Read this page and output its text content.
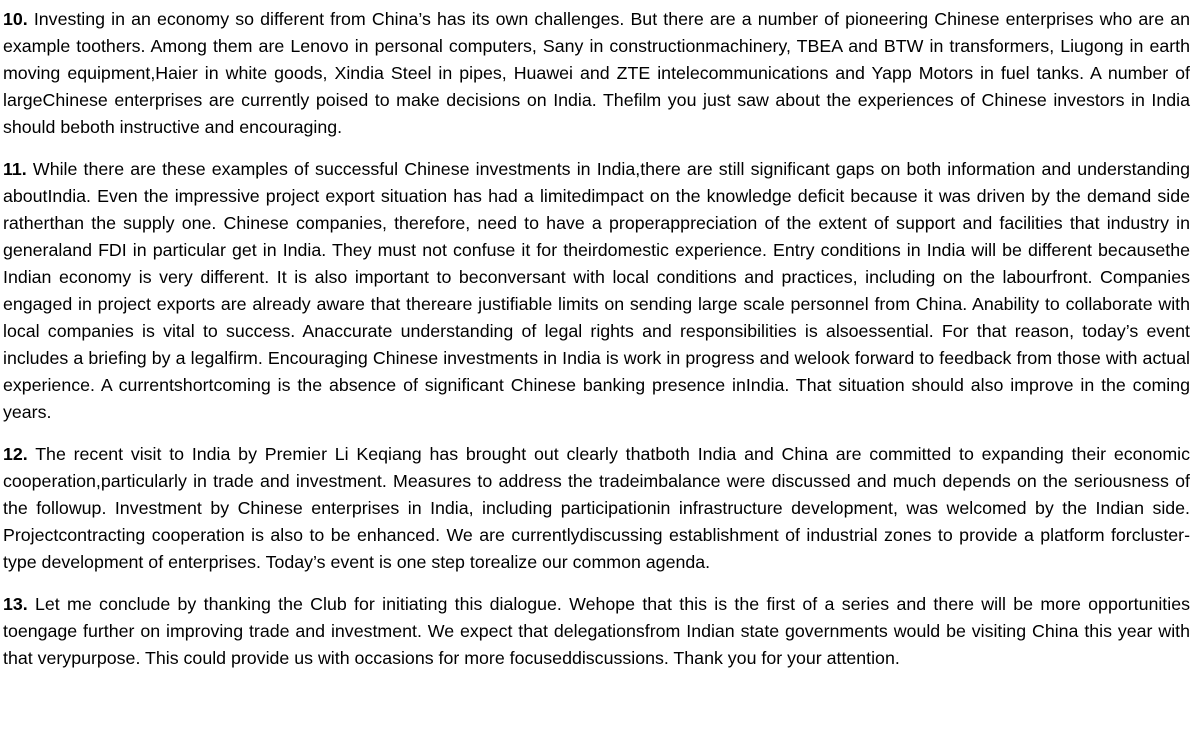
10. Investing in an economy so different from China’s has its own challenges. But there are a number of pioneering Chinese enterprises who are an example toothers. Among them are Lenovo in personal computers, Sany in constructionmachinery, TBEA and BTW in transformers, Liugong in earth moving equipment,Haier in white goods, Xindia Steel in pipes, Huawei and ZTE intelecommunications and Yapp Motors in fuel tanks. A number of largeChinese enterprises are currently poised to make decisions on India. Thefilm you just saw about the experiences of Chinese investors in India should beboth instructive and encouraging.

11. While there are these examples of successful Chinese investments in India,there are still significant gaps on both information and understanding aboutIndia. Even the impressive project export situation has had a limitedimpact on the knowledge deficit because it was driven by the demand side ratherthan the supply one. Chinese companies, therefore, need to have a properappreciation of the extent of support and facilities that industry in generaland FDI in particular get in India. They must not confuse it for theirdomestic experience. Entry conditions in India will be different becausethe Indian economy is very different. It is also important to beconversant with local conditions and practices, including on the labourfront. Companies engaged in project exports are already aware that thereare justifiable limits on sending large scale personnel from China. Anability to collaborate with local companies is vital to success. Anaccurate understanding of legal rights and responsibilities is alsoessential. For that reason, today’s event includes a briefing by a legalfirm. Encouraging Chinese investments in India is work in progress and welook forward to feedback from those with actual experience. A currentshortcoming is the absence of significant Chinese banking presence inIndia. That situation should also improve in the coming years.

12. The recent visit to India by Premier Li Keqiang has brought out clearly thatboth India and China are committed to expanding their economic cooperation,particularly in trade and investment. Measures to address the tradeimbalance were discussed and much depends on the seriousness of the followup. Investment by Chinese enterprises in India, including participationin infrastructure development, was welcomed by the Indian side. Projectcontracting cooperation is also to be enhanced. We are currentlydiscussing establishment of industrial zones to provide a platform forcluster-type development of enterprises. Today’s event is one step torealize our common agenda.

13. Let me conclude by thanking the Club for initiating this dialogue. Wehope that this is the first of a series and there will be more opportunities toengage further on improving trade and investment. We expect that delegationsfrom Indian state governments would be visiting China this year with that verypurpose. This could provide us with occasions for more focuseddiscussions. Thank you for your attention.
